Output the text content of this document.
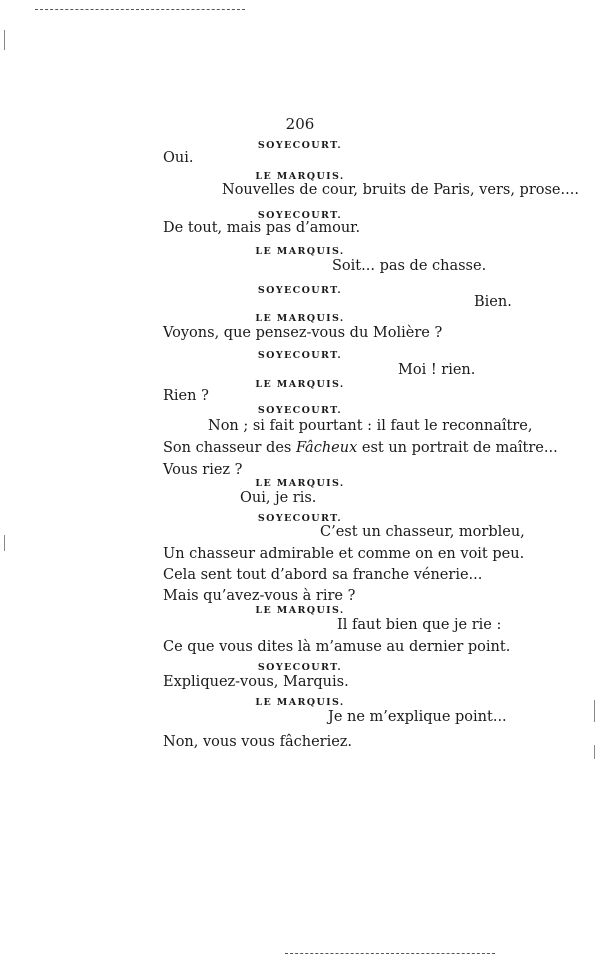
206
SOYECOURT.
Oui.
LE MARQUIS.
Nouvelles de cour, bruits de Paris, vers, prose....
SOYECOURT.
De tout, mais pas d’amour.
LE MARQUIS.
Soit... pas de chasse.
SOYECOURT.
Bien.
LE MARQUIS.
Voyons, que pensez-vous du Molière ?
SOYECOURT.
Moi ! rien.
LE MARQUIS.
Rien ?
SOYECOURT.
Non ; si fait pourtant : il faut le reconnaître,
Son chasseur des Fâcheux est un portrait de maître...
Vous riez ?
LE MARQUIS.
Oui, je ris.
SOYECOURT.
C’est un chasseur, morbleu,
Un chasseur admirable et comme on en voit peu.
Cela sent tout d’abord sa franche vénerie...
Mais qu’avez-vous à rire ?
LE MARQUIS.
Il faut bien que je rie :
Ce que vous dites là m’amuse au dernier point.
SOYECOURT.
Expliquez-vous, Marquis.
LE MARQUIS.
Je ne m’explique point...
Non, vous vous fâcheriez.
